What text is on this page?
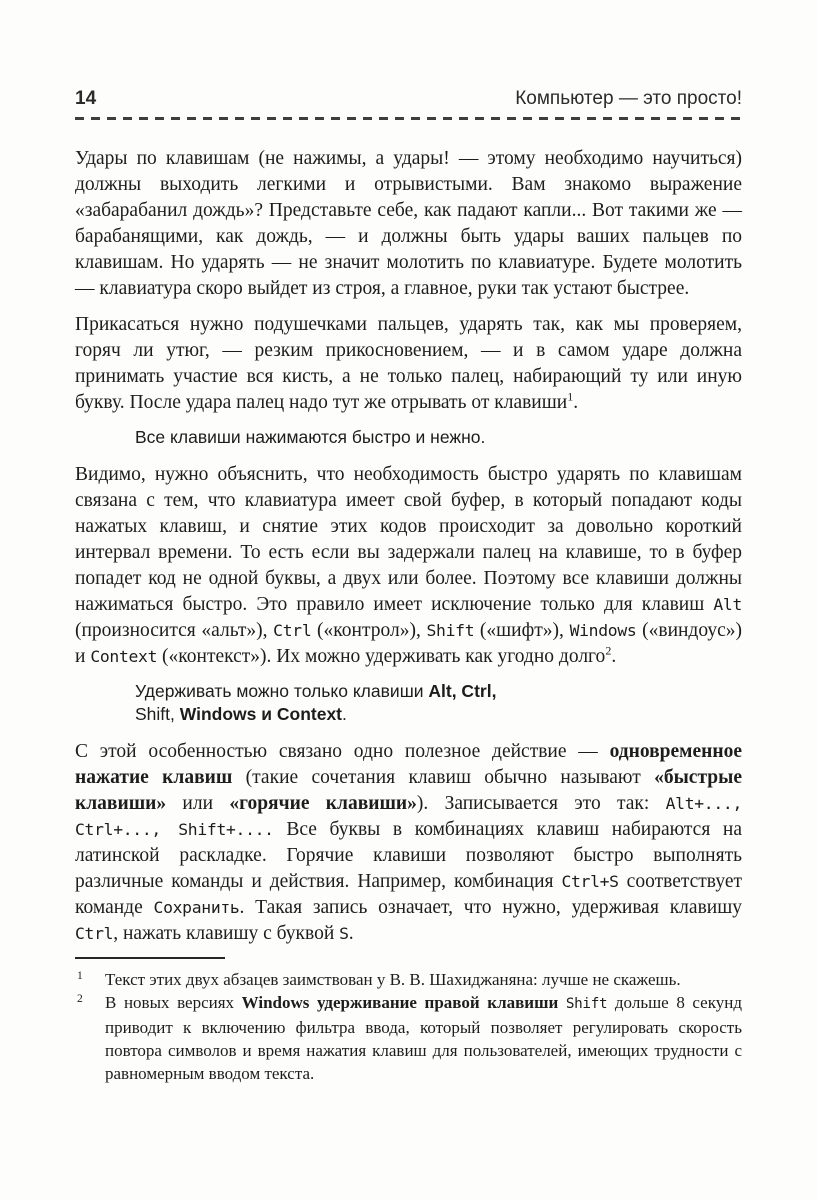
14	Компьютер — это просто!
Удары по клавишам (не нажимы, а удары! — этому необходимо научиться) должны выходить легкими и отрывистыми. Вам знакомо выражение «забарабанил дождь»? Представьте себе, как падают капли... Вот такими же — барабанящими, как дождь, — и должны быть удары ваших пальцев по клавишам. Но ударять — не значит молотить по клавиатуре. Будете молотить — клавиатура скоро выйдет из строя, а главное, руки так устают быстрее.
Прикасаться нужно подушечками пальцев, ударять так, как мы проверяем, горяч ли утюг, — резким прикосновением, — и в самом ударе должна принимать участие вся кисть, а не только палец, набирающий ту или иную букву. После удара палец надо тут же отрывать от клавиши$^1$.
Все клавиши нажимаются быстро и нежно.
Видимо, нужно объяснить, что необходимость быстро ударять по клавишам связана с тем, что клавиатура имеет свой буфер, в который попадают коды нажатых клавиш, и снятие этих кодов происходит за довольно короткий интервал времени. То есть если вы задержали палец на клавише, то в буфер попадет код не одной буквы, а двух или более. Поэтому все клавиши должны нажиматься быстро. Это правило имеет исключение только для клавиш Alt (произносится «альт»), Ctrl («контрол»), Shift («шифт»), Windows («виндоус») и Context («контекст»). Их можно удерживать как угодно долго$^2$.
Удерживать можно только клавиши Alt, Ctrl,
Shift, Windows и Context.
С этой особенностью связано одно полезное действие — одновременное нажатие клавиш (такие сочетания клавиш обычно называют «быстрые клавиши» или «горячие клавиши»). Записывается это так: Alt+..., Ctrl+..., Shift+.... Все буквы в комбинациях клавиш набираются на латинской раскладке. Горячие клавиши позволяют быстро выполнять различные команды и действия. Например, комбинация Ctrl+S соответствует команде Сохранить. Такая запись означает, что нужно, удерживая клавишу Ctrl, нажать клавишу с буквой S.
1 Текст этих двух абзацев заимствован у В. В. Шахиджаняна: лучше не скажешь.
2 В новых версиях Windows удерживание правой клавиши Shift дольше 8 секунд приводит к включению фильтра ввода, который позволяет регулировать скорость повтора символов и время нажатия клавиш для пользователей, имеющих трудности с равномерным вводом текста.
